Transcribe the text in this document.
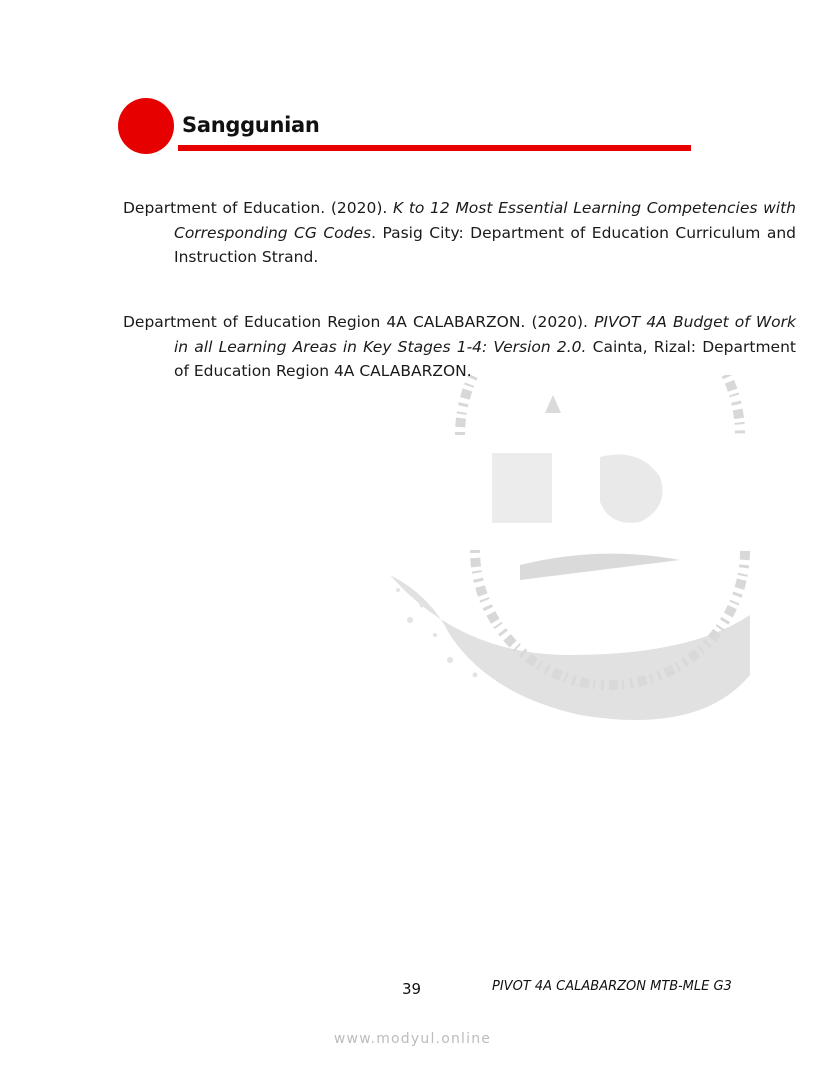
Sanggunian
Department of Education. (2020). K to 12 Most Essential Learning Competencies with Corresponding CG Codes. Pasig City: Department of Education Curriculum and Instruction Strand.
Department of Education Region 4A CALABARZON. (2020). PIVOT 4A Budget of Work in all Learning Areas in Key Stages 1-4: Version 2.0. Cainta, Rizal: Department of Education Region 4A CALABARZON.
39	PIVOT 4A CALABARZON MTB-MLE G3
www.modyul.online
